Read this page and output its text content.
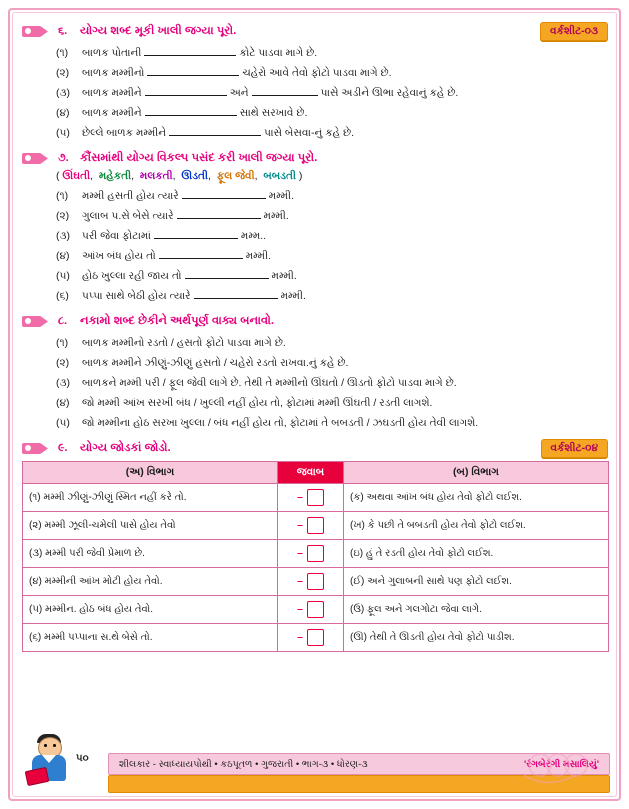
૬.	યોગ્ય શબ્દ મૂકી ખાલી જગ્યા પૂરો.	વર્કશીટ-૦૩
(૧)	બાળક પોતાની	કોટે પાડવા માગે છે.
(૨)	બાળક મમ્મીનો	ચહેરો આવે તેવો ફોટો પાડવા માગે છે.
(૩)	બાળક મમ્મીને	અને	પાસે અડીને ઊભા રહેવાનું કહે છે.
(૪)	બાળક મમ્મીને	સાથે સરખાવે છે.
(૫)	છેલ્લે બાળક મમ્મીને	પાસે બેસવા-નું કહે છે.
૭. કૌંસમાંથી યોગ્ય વિકલ્પ પસંદ કરી ખાલી જગ્યા પૂરો.
( ઊંઘતી,  મહેકતી,  મલકતી,  ઊડતી,  ફૂલ જેવી,  બબડતી )
(૧)	મમ્મી હસતી હોય ત્યારે	મમ્મી.
(૨)	ગુલાબ પ.સે બેસે ત્યારે	મમ્મી.
(૩)	પરી જેવા ફોટામાં	મમ્મ..
(૪)	આંખ બંધ હોય તો	મમ્મી.
(૫)	હોઠ ખુલ્લા રહી જાય તો	મમ્મી.
(૬)	પપ્પા સાથે બેઠી હોય ત્યારે	મમ્મી.
૮.	નકામો શબ્દ છેકીને અર્થપૂર્ણ વાક્ય બનાવો.
(૧)	બાળક મમ્મીનો રડતો / હસતો ફોટો પાડવા માગે છે.
(૨)	બાળક મમ્મીને ઝીણું-ઝીણું હસતો / ચહેરો રડતો રાખવા.નું કહે છે.
(૩)	બાળકને મમ્મી પરી / ફૂલ જેવી લાગે છે. તેથી તે મમ્મીનો ઊંઘતો / ઊડતો ફોટો પાડવા માગે છે.
(૪)	જો મમ્મી આંખ સરખી બંધ / ખુલ્લી નહીં હોય તો, ફોટામાં મમ્મી ઊંઘતી / રડતી લાગશે.
(૫)	જો મમ્મીના હોઠ સરખા ખુલ્લા / બંધ નહીં હોય તો, ફોટામાં તે બબડતી / ઝઘડતી હોય તેવી લાગશે.
૯.	યોગ્ય જોડકાં જોડો.	વર્કશીટ-૦૪
(અ) વિભાગ	જવાબ	(બ) વિભાગ
(૧) મમ્મી ઝીણું-ઝીણું સ્મિત નહીં કરે તો.	–	(ક) અથવા આંખ બંધ હોય તેવો ફોટો લઈશ.
(૨) મમ્મી ઝૂલી-ચમેલી પાસે હોય તેવો	–	(ખ) કે પછી તે બબડતી હોય તેવો ફોટો લઈશ.
(૩) મમ્મી પરી જેવી પ્રેમાળ છે.	–	(ઇ) હું તે રડતી હોય તેવો ફોટો લઈશ.
(૪) મમ્મીની આંખ મોટી હોય તેવો.	–	(ઈ) અને ગુલાબની સાથે પણ ફોટો લઈશ.
(૫) મમ્મીન. હોઠ બંધ હોય તેવો.	–	(ઉ) ફૂલ અને ગલગોટા જેવા લાગે.
(૬) મમ્મી પપ્પાના સ.થે બેસે તો.	–	(ઊ) તેથી તે ઊડતી હોય તેવો ફોટો પાડીશ.
૫૦	શીલકાર - સ્વાધ્યાયપોથી • કઠપૂતળ • ગુજરાતી • ભાગ-૩ • ધોરણ-૩	'રંગબેરંગી મસાલિયું'
